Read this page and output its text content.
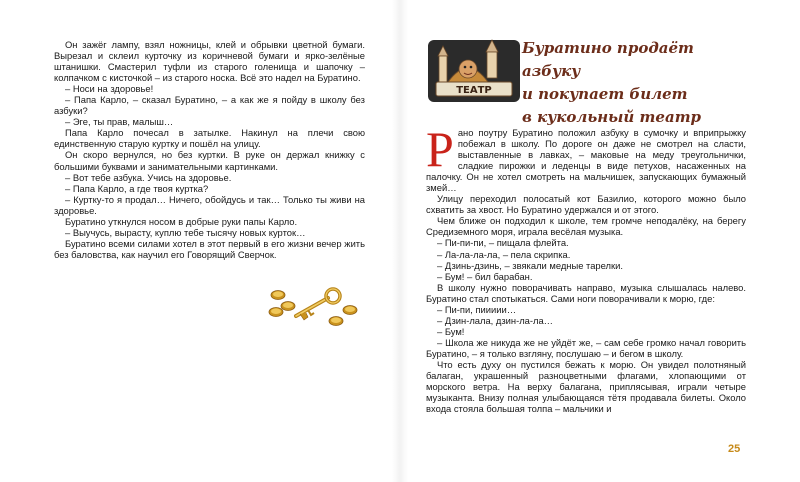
Он зажёг лампу, взял ножницы, клей и обрывки цветной бумаги. Вырезал и склеил курточку из коричневой бумаги и ярко-зелёные штанишки. Смастерил туфли из старого голенища и шапочку – колпачком с кисточкой – из старого носка. Всё это надел на Буратино.

– Носи на здоровье!

– Папа Карло, – сказал Буратино, – а как же я пойду в школу без азбуки?

– Эге, ты прав, малыш…

Папа Карло почесал в затылке. Накинул на плечи свою единственную старую куртку и пошёл на улицу.

Он скоро вернулся, но без куртки. В руке он держал книжку с большими буквами и занимательными картинками.

– Вот тебе азбука. Учись на здоровье.

– Папа Карло, а где твоя куртка?

– Куртку-то я продал… Ничего, обойдусь и так… Только ты живи на здоровье.

Буратино уткнулся носом в добрые руки папы Карло.

– Выучусь, вырасту, куплю тебе тысячу новых курток…

Буратино всеми силами хотел в этот первый в его жизни вечер жить без баловства, как научил его Говорящий Сверчок.

ТЕАТР
Буратино продаёт азбуку
и покупает билет
в кукольный театр

Рано поутру Буратино положил азбуку в сумочку и вприпрыжку побежал в школу. По дороге он даже не смотрел на сласти, выставленные в лавках, – маковые на меду треугольнички, сладкие пирожки и леденцы в виде петухов, насаженных на палочку. Он не хотел смотреть на мальчишек, запускающих бумажный змей…

Улицу переходил полосатый кот Базилио, которого можно было схватить за хвост. Но Буратино удержался и от этого.

Чем ближе он подходил к школе, тем громче неподалёку, на берегу Средиземного моря, играла весёлая музыка.

– Пи-пи-пи, – пищала флейта.

– Ла-ла-ла-ла, – пела скрипка.

– Дзинь-дзинь, – звякали медные тарелки.

– Бум! – бил барабан.

В школу нужно поворачивать направо, музыка слышалась налево. Буратино стал спотыкаться. Сами ноги поворачивали к морю, где:

– Пи-пи, пиииии…

– Дзин-лала, дзин-ла-ла…

– Бум!

– Школа же никуда же не уйдёт же, – сам себе громко начал говорить Буратино, – я только взгляну, послушаю – и бегом в школу.

Что есть духу он пустился бежать к морю. Он увидел полотняный балаган, украшенный разноцветными флагами, хлопающими от морского ветра. На верху балагана, приплясывая, играли четыре музыканта. Внизу полная улыбающаяся тётя продавала билеты. Около входа стояла большая толпа – мальчики и

25
